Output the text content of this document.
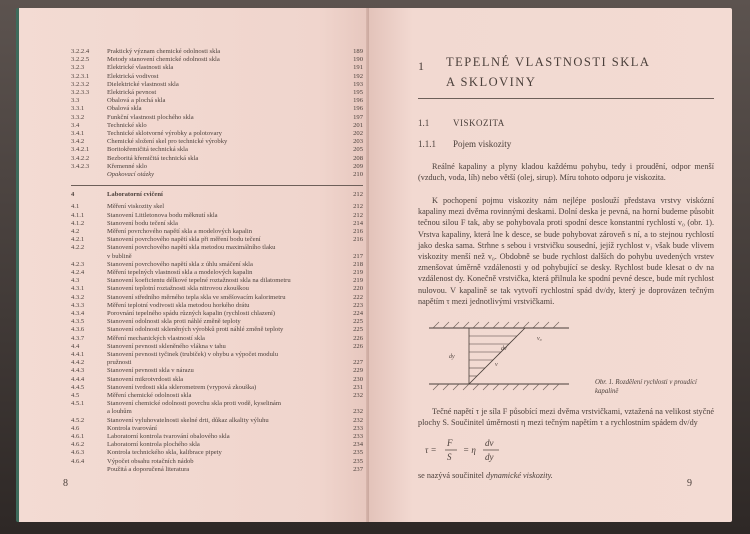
3.2.2.4	Praktický význam chemické odolnosti skla	189
3.2.2.5	Metody stanovení chemické odolnosti skla	190
3.2.3	Elektrické vlastnosti skla	191
3.2.3.1	Elektrická vodivost	192
3.2.3.2	Dielektrické vlastnosti skla	193
3.2.3.3	Elektrická pevnost	195
3.3	Obalová a plochá skla	196
3.3.1	Obalová skla	196
3.3.2	Funkční vlastnosti plochého skla	197
3.4	Technické sklo	201
3.4.1	Technické sklotvorné výrobky a polotovary	202
3.4.2	Chemické složení skel pro technické výrobky	203
3.4.2.1	Boritokřemičitá technická skla	205
3.4.2.2	Bezboritá křemičitá technická skla	208
3.4.2.3	Křemenné sklo	209
Opakovací otázky	210
4	Laboratorní cvičení	212
4.1	Měření viskozity skel	212
4.1.1	Stanovení Littletonova bodu měknutí skla	212
4.1.2	Stanovení bodu tečení skla	214
4.2	Měření povrchového napětí skla a modelových kapalin	216
4.2.1	Stanovení povrchového napětí skla při měření bodu tečení	216
4.2.2	Stanovení povrchového napětí skla metodou maximálního tlaku
v bublině	217
4.2.3	Stanovení povrchového napětí skla z úhlu smáčení skla	218
4.2.4	Měření tepelných vlastností skla a modelových kapalin	219
4.3	Stanovení koeficientu délkové tepelné roztažnosti skla na dilatometru	219
4.3.1	Stanovení teplotní roztažnosti skla nitrovou zkouškou	220
4.3.2	Stanovení středního měrného tepla skla ve směšovacím kalorimetru	222
4.3.3	Měření teplotní vodivosti skla metodou horkého drátu	223
4.3.4	Porovnání tepelného spádu různých kapalin (rychlosti chlazení)	224
4.3.5	Stanovení odolnosti skla proti náhlé změně teploty	225
4.3.6	Stanovení odolnosti skleněných výrobků proti náhlé změně teploty	225
4.3.7	Měření mechanických vlastností skla	226
4.4	Stanovení pevnosti skleněného vlákna v tahu	226
4.4.1	Stanovení pevnosti tyčinek (trubiček) v ohybu a výpočet modulu
4.4.2	pružnosti	227
4.4.3	Stanovení pevnosti skla v nárazu	229
4.4.4	Stanovení mikrotvrdosti skla	230
4.4.5	Stanovení tvrdosti skla sklerometrem (vrypová zkouška)	231
4.5	Měření chemické odolnosti skla	232
4.5.1	Stanovení chemické odolnosti povrchu skla proti vodě, kyselinám
a louhům	232
4.5.2	Stanovení vyluhovatelnosti skelné drti, důkaz alkality výluhu	232
4.6	Kontrola tvarování	233
4.6.1	Laboratorní kontrola tvarování obalového skla	233
4.6.2	Laboratorní kontrola plochého skla	234
4.6.3	Kontrola technického skla, kalibrace pipety	235
4.6.4	Výpočet obsahu rotačních nádob	235
Použitá a doporučená literatura	237
8
1 TEPELNÉ VLASTNOSTI SKLA
A SKLOVINY
1.1	VISKOZITA
1.1.1 Pojem viskozity

Reálné kapaliny a plyny kladou každému pohybu, tedy i proudění, odpor menší (vzduch, voda, líh) nebo větší (olej, sirup). Míru tohoto odporu je viskozita.

K pochopení pojmu viskozity nám nejlépe poslouží představa vrstvy viskózní kapaliny mezi dvěma rovinnými deskami. Dolní deska je pevná, na horní budeme působit tečnou silou F tak, aby se pohybovala proti spodní desce konstantní rychlostí v₀ (obr. 1). Vrstva kapaliny, která lne k desce, se bude pohybovat zároveň s ní, a to stejnou rychlostí jako deska sama. Strhne s sebou i vrstvičku sousední, jejíž rychlost v₁ však bude vlivem viskozity menší než v₀. Obdobně se bude rychlost dalších do pohybu uvedených vrstev zmenšovat úměrně vzdálenosti y od pohybující se desky. Rychlost bude klesat o dv na vzdálenost dy. Konečně vrstvička, která přilnula ke spodní pevné desce, bude mít rychlost nulovou. V kapalině se tak vytvoří rychlostní spád dv/dy, který je doprovázen tečným napětím τ mezi jednotlivými vrstvičkami.

v₀
dy
dv
v

Obr. 1. Rozdělení rychlosti v proudící kapalině

Tečné napětí τ je síla F působící mezi dvěma vrstvičkami, vztažená na velikost styčné plochy S. Součinitel úměrnosti η mezi tečným napětím τ a rychlostním spádem dv/dy

τ =
F
S
= η
dv
dy

se nazývá součinitel dynamické viskozity.

9
